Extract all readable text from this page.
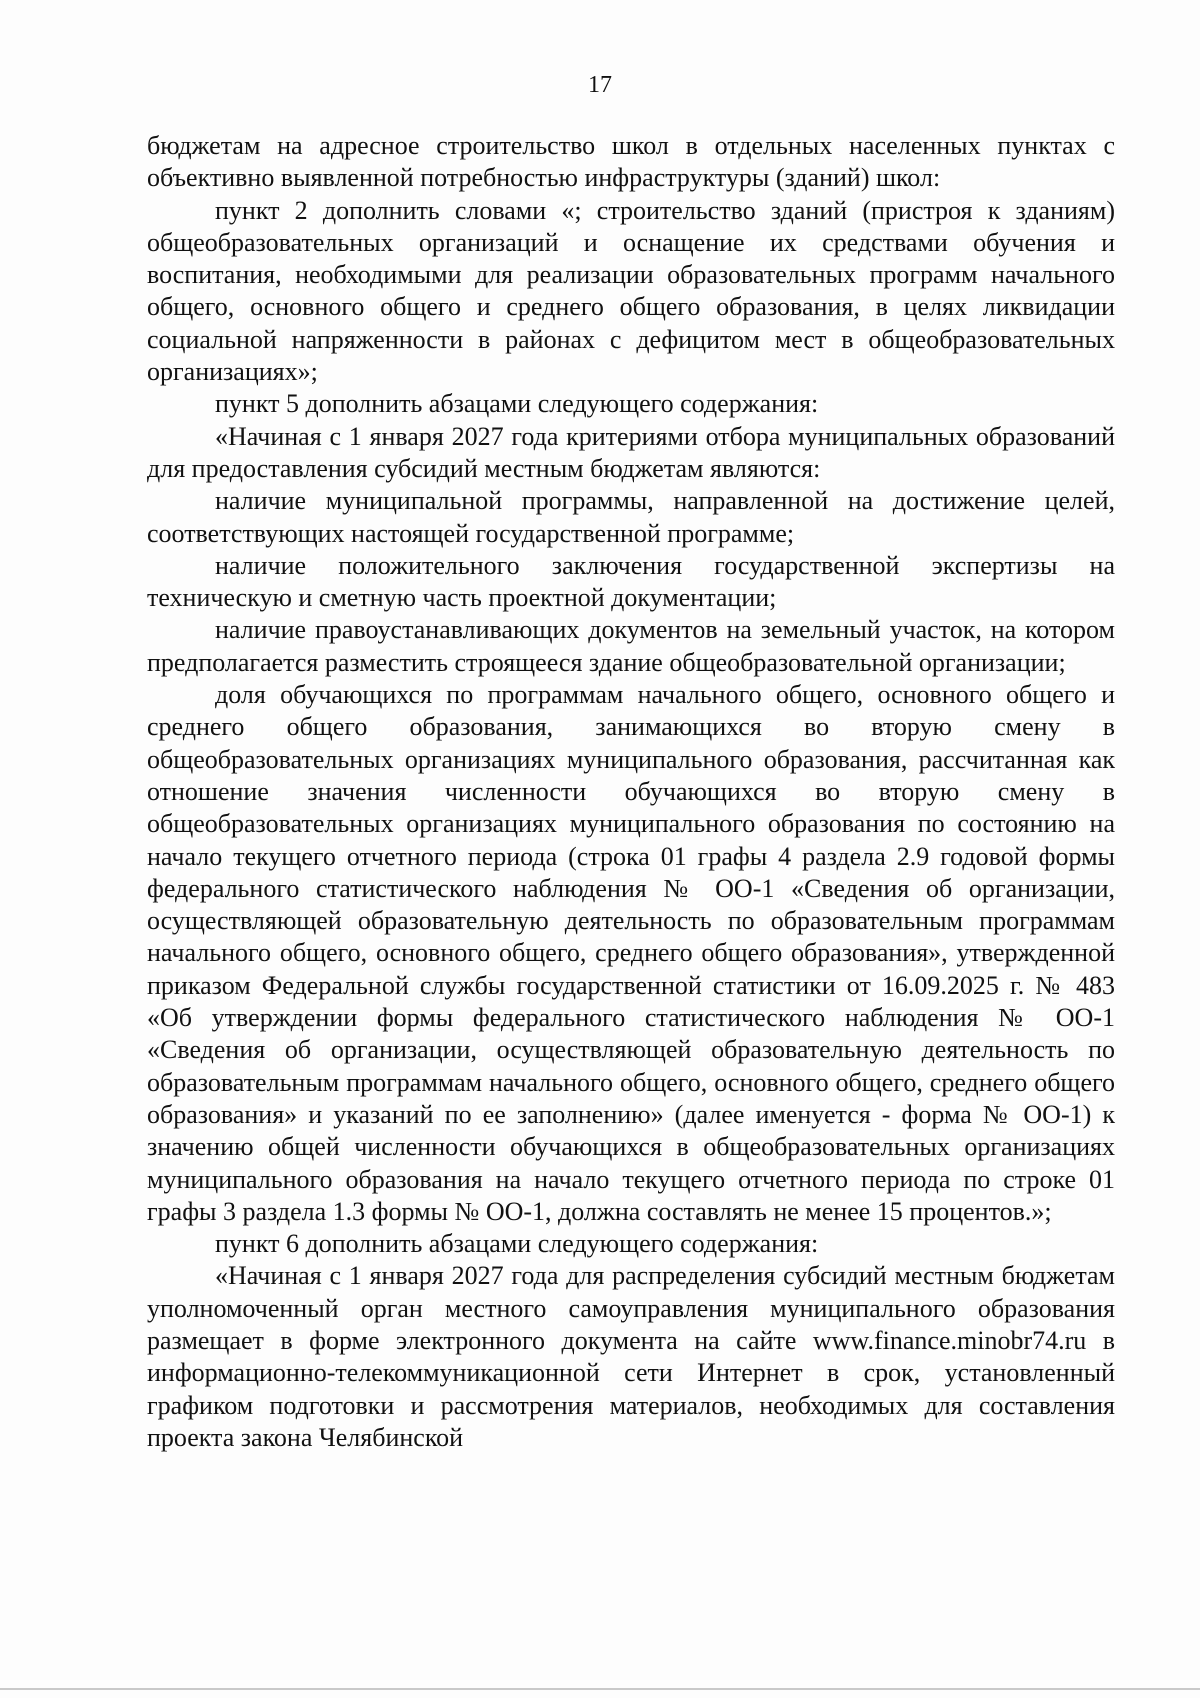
17

бюджетам на адресное строительство школ в отдельных населенных пунктах с объективно выявленной потребностью инфраструктуры (зданий) школ:

пункт 2 дополнить словами «; строительство зданий (пристроя к зданиям) общеобразовательных организаций и оснащение их средствами обучения и воспитания, необходимыми для реализации образовательных программ начального общего, основного общего и среднего общего образования, в целях ликвидации социальной напряженности в районах с дефицитом мест в общеобразовательных организациях»;

пункт 5 дополнить абзацами следующего содержания:

«Начиная с 1 января 2027 года критериями отбора муниципальных образований для предоставления субсидий местным бюджетам являются:

наличие муниципальной программы, направленной на достижение целей, соответствующих настоящей государственной программе;

наличие положительного заключения государственной экспертизы на техническую и сметную часть проектной документации;

наличие правоустанавливающих документов на земельный участок, на котором предполагается разместить строящееся здание общеобразовательной организации;

доля обучающихся по программам начального общего, основного общего и среднего общего образования, занимающихся во вторую смену в общеобразовательных организациях муниципального образования, рассчитанная как отношение значения численности обучающихся во вторую смену в общеобразовательных организациях муниципального образования по состоянию на начало текущего отчетного периода (строка 01 графы 4 раздела 2.9 годовой формы федерального статистического наблюдения № ОО-1 «Сведения об организации, осуществляющей образовательную деятельность по образовательным программам начального общего, основного общего, среднего общего образования», утвержденной приказом Федеральной службы государственной статистики от 16.09.2025 г. № 483 «Об утверждении формы федерального статистического наблюдения № ОО-1 «Сведения об организации, осуществляющей образовательную деятельность по образовательным программам начального общего, основного общего, среднего общего образования» и указаний по ее заполнению» (далее именуется - форма № ОО-1) к значению общей численности обучающихся в общеобразовательных организациях муниципального образования на начало текущего отчетного периода по строке 01 графы 3 раздела 1.3 формы № ОО-1, должна составлять не менее 15 процентов.»;

пункт 6 дополнить абзацами следующего содержания:

«Начиная с 1 января 2027 года для распределения субсидий местным бюджетам уполномоченный орган местного самоуправления муниципального образования размещает в форме электронного документа на сайте www.finance.minobr74.ru в информационно-телекоммуникационной сети Интернет в срок, установленный графиком подготовки и рассмотрения материалов, необходимых для составления проекта закона Челябинской
